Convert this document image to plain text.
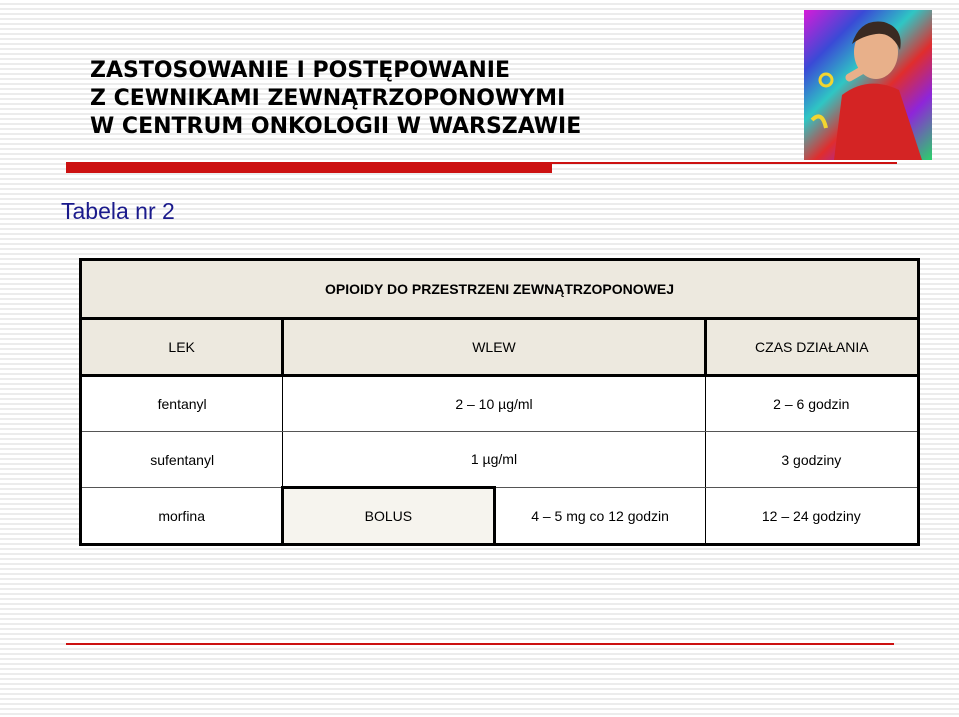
ZASTOSOWANIE I POSTĘPOWANIE
Z CEWNIKAMI ZEWNĄTRZOPONOWYMI
W CENTRUM ONKOLOGII W WARSZAWIE
Tabela nr 2
OPIOIDY DO PRZESTRZENI ZEWNĄTRZOPONOWEJ			
LEK	WLEW		CZAS DZIAŁANIA
fentanyl	2 – 10 µg/ml		2 – 6 godzin
sufentanyl	1 µg/ml		3 godziny
morfina	BOLUS	4 – 5 mg co 12 godzin	12 – 24 godziny
